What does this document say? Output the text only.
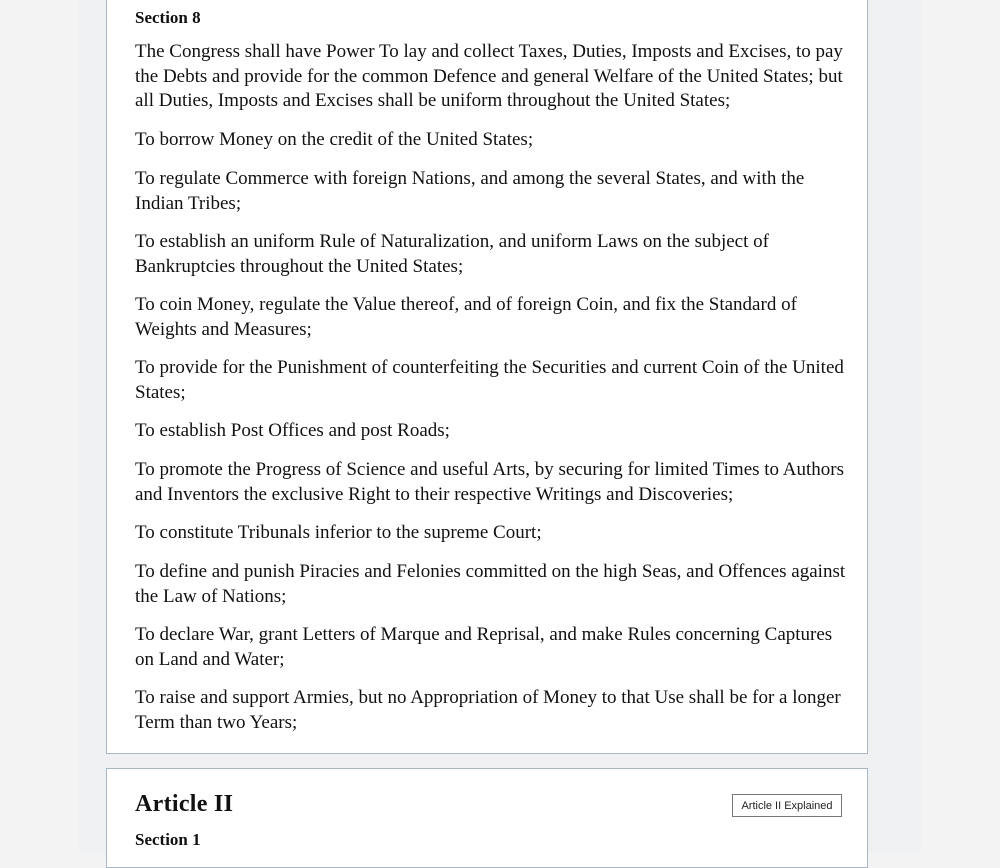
Section 8

The Congress shall have Power To lay and collect Taxes, Duties, Imposts and Excises, to pay the Debts and provide for the common Defence and general Welfare of the United States; but all Duties, Imposts and Excises shall be uniform throughout the United States;

To borrow Money on the credit of the United States;

To regulate Commerce with foreign Nations, and among the several States, and with the Indian Tribes;

To establish an uniform Rule of Naturalization, and uniform Laws on the subject of Bankruptcies throughout the United States;

To coin Money, regulate the Value thereof, and of foreign Coin, and fix the Standard of Weights and Measures;

To provide for the Punishment of counterfeiting the Securities and current Coin of the United States;

To establish Post Offices and post Roads;

To promote the Progress of Science and useful Arts, by securing for limited Times to Authors and Inventors the exclusive Right to their respective Writings and Discoveries;

To constitute Tribunals inferior to the supreme Court;

To define and punish Piracies and Felonies committed on the high Seas, and Offences against the Law of Nations;

To declare War, grant Letters of Marque and Reprisal, and make Rules concerning Captures on Land and Water;

To raise and support Armies, but no Appropriation of Money to that Use shall be for a longer Term than two Years;

Article II	Article II Explained
Section 1
